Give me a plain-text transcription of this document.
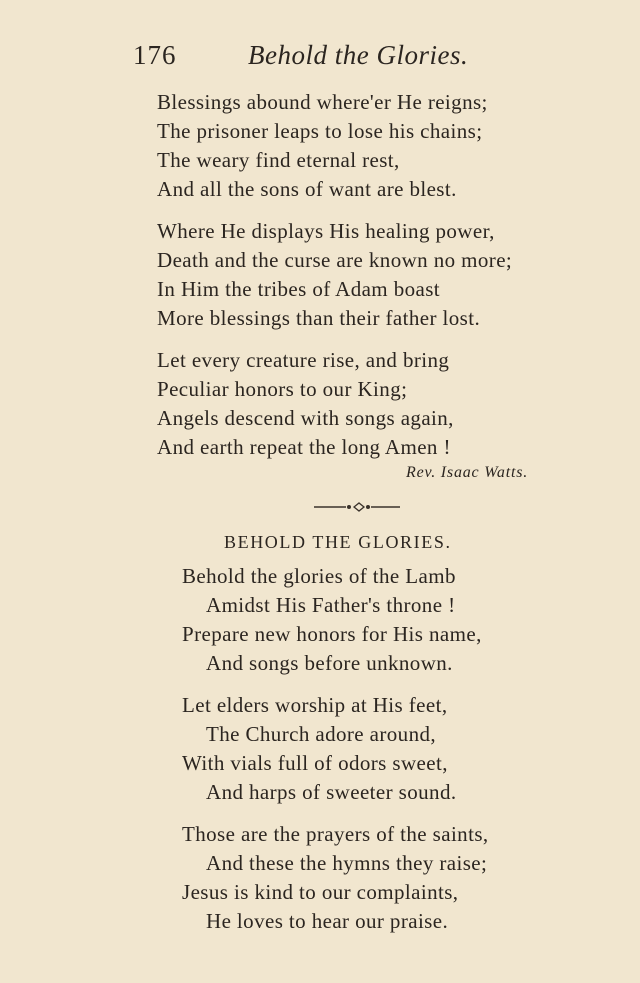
176	Behold the Glories.
Blessings abound where'er He reigns;
The prisoner leaps to lose his chains;
The weary find eternal rest,
And all the sons of want are blest.
Where He displays His healing power,
Death and the curse are known no more;
In Him the tribes of Adam boast
More blessings than their father lost.
Let every creature rise, and bring
Peculiar honors to our King;
Angels descend with songs again,
And earth repeat the long Amen !
Rev. Isaac Watts.
BEHOLD THE GLORIES.
Behold the glories of the Lamb
Amidst His Father's throne !
Prepare new honors for His name,
And songs before unknown.
Let elders worship at His feet,
The Church adore around,
With vials full of odors sweet,
And harps of sweeter sound.
Those are the prayers of the saints,
And these the hymns they raise;
Jesus is kind to our complaints,
He loves to hear our praise.
